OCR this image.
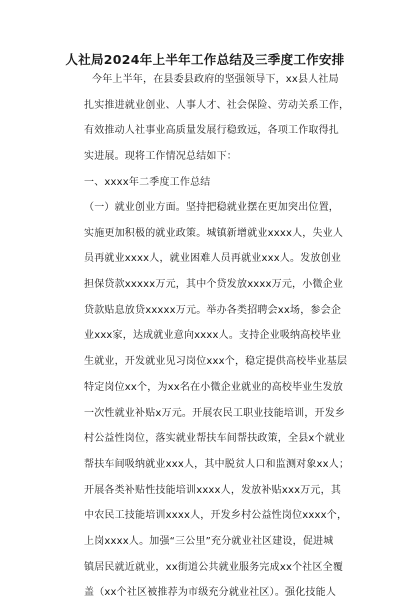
人社局2024年上半年工作总结及三季度工作安排
今年上半年，在县委县政府的坚强领导下，xx县人社局
扎实推进就业创业、人事人才、社会保险、劳动关系工作，
有效推动人社事业高质量发展行稳致远，各项工作取得扎
实进展。现将工作情况总结如下：
一、xxxx年二季度工作总结
（一）就业创业方面。坚持把稳就业摆在更加突出位置，
实施更加积极的就业政策。城镇新增就业xxxx人，失业人
员再就业xxxx人，就业困难人员再就业xxx人。发放创业
担保贷款xxxxx万元，其中个贷发放xxxx万元，小微企业
贷款贴息放贷xxxxx万元。举办各类招聘会xx场，参会企
业xxx家，达成就业意向xxxx人。支持企业吸纳高校毕业
生就业，开发就业见习岗位xxx个，稳定提供高校毕业基层
特定岗位xx个，为xx名在小微企业就业的高校毕业生发放
一次性就业补贴x万元。开展农民工职业技能培训，开发乡
村公益性岗位，落实就业帮扶车间帮扶政策，全县x个就业
帮扶车间吸纳就业xxx人，其中脱贫人口和监测对象xx人；
开展各类补贴性技能培训xxxx人，发放补贴xxx万元，其
中农民工技能培训xxxx人，开发乡村公益性岗位xxxx个，
上岗xxxx人。加强“三公里”充分就业社区建设，促进城
镇居民就近就业，xx街道公共就业服务完成xx个社区全覆
盖（xx个社区被推荐为市级充分就业社区）。强化技能人
